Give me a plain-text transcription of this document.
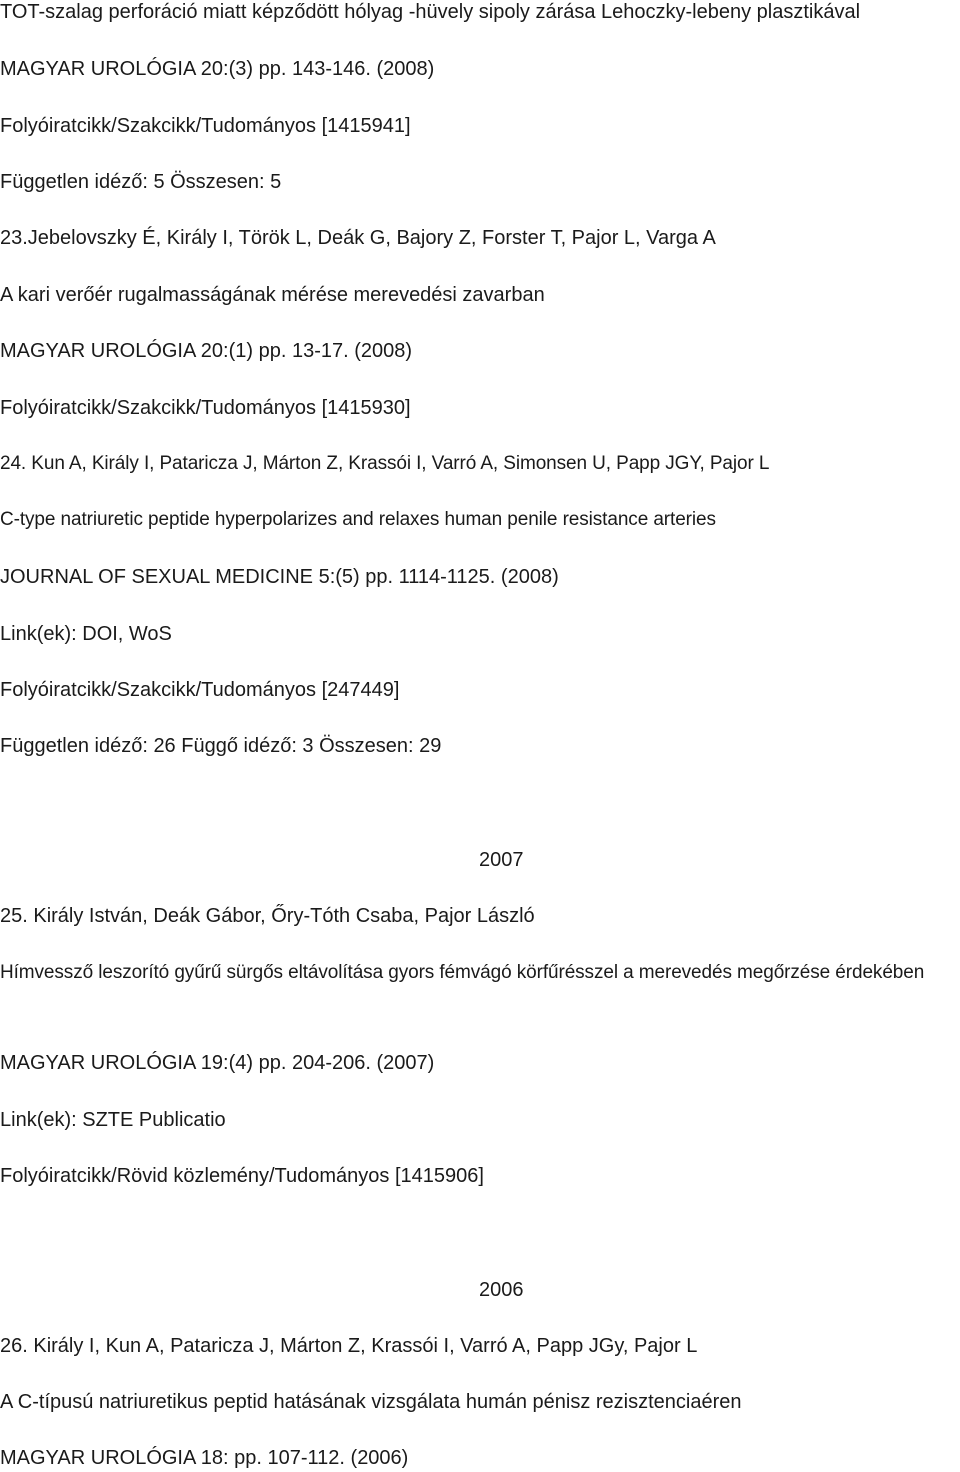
TOT-szalag perforáció miatt képződött hólyag -hüvely sipoly zárása Lehoczky-lebeny plasztikával
MAGYAR UROLÓGIA 20:(3) pp. 143-146. (2008)
Folyóiratcikk/Szakcikk/Tudományos [1415941]
Független idéző: 5 Összesen: 5
23.Jebelovszky É, Király I, Török L, Deák G, Bajory Z, Forster T, Pajor L, Varga A
A kari verőér rugalmasságának mérése merevedési zavarban
MAGYAR UROLÓGIA 20:(1) pp. 13-17. (2008)
Folyóiratcikk/Szakcikk/Tudományos [1415930]
24. Kun A, Király I, Pataricza J, Márton Z, Krassói I, Varró A, Simonsen U, Papp JGY, Pajor L
C-type natriuretic peptide hyperpolarizes and relaxes human penile resistance arteries
JOURNAL OF SEXUAL MEDICINE 5:(5) pp. 1114-1125. (2008)
Link(ek): DOI, WoS
Folyóiratcikk/Szakcikk/Tudományos [247449]
Független idéző: 26 Függő idéző: 3 Összesen: 29
2007
25. Király István, Deák Gábor, Őry-Tóth Csaba, Pajor László
Hímvessző leszorító gyűrű sürgős eltávolítása gyors fémvágó körfűrésszel a merevedés megőrzése érdekében
MAGYAR UROLÓGIA 19:(4) pp. 204-206. (2007)
Link(ek): SZTE Publicatio
Folyóiratcikk/Rövid közlemény/Tudományos [1415906]
2006
26. Király I, Kun A, Pataricza J, Márton Z, Krassói I, Varró A, Papp JGy, Pajor L
A C-típusú natriuretikus peptid hatásának vizsgálata humán pénisz rezisztenciaéren
MAGYAR UROLÓGIA 18: pp. 107-112. (2006)
